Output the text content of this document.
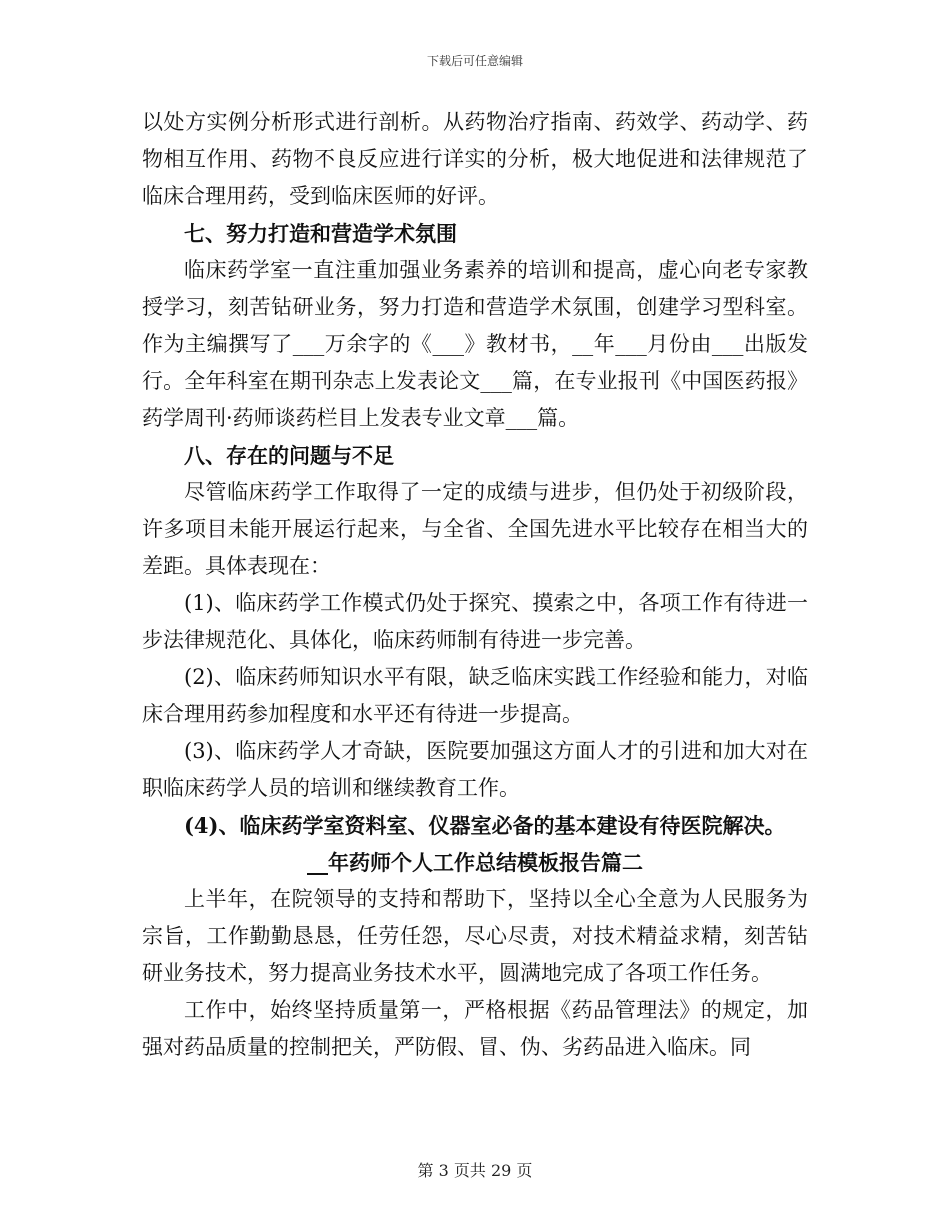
下载后可任意编辑

以处方实例分析形式进行剖析。从药物治疗指南、药效学、药动学、药物相互作用、药物不良反应进行详实的分析，极大地促进和法律规范了临床合理用药，受到临床医师的好评。

七、努力打造和营造学术氛围

临床药学室一直注重加强业务素养的培训和提高，虚心向老专家教授学习，刻苦钻研业务，努力打造和营造学术氛围，创建学习型科室。作为主编撰写了___万余字的《___》教材书，__年___月份由___出版发行。全年科室在期刊杂志上发表论文___篇，在专业报刊《中国医药报》药学周刊·药师谈药栏目上发表专业文章___篇。

八、存在的问题与不足

尽管临床药学工作取得了一定的成绩与进步，但仍处于初级阶段，许多项目未能开展运行起来，与全省、全国先进水平比较存在相当大的差距。具体表现在：

(1)、临床药学工作模式仍处于探究、摸索之中，各项工作有待进一步法律规范化、具体化，临床药师制有待进一步完善。

(2)、临床药师知识水平有限，缺乏临床实践工作经验和能力，对临床合理用药参加程度和水平还有待进一步提高。

(3)、临床药学人才奇缺，医院要加强这方面人才的引进和加大对在职临床药学人员的培训和继续教育工作。

(4)、临床药学室资料室、仪器室必备的基本建设有待医院解决。

__年药师个人工作总结模板报告篇二

上半年，在院领导的支持和帮助下，坚持以全心全意为人民服务为宗旨，工作勤勤恳恳，任劳任怨，尽心尽责，对技术精益求精，刻苦钻研业务技术，努力提高业务技术水平，圆满地完成了各项工作任务。

工作中，始终坚持质量第一，严格根据《药品管理法》的规定，加强对药品质量的控制把关，严防假、冒、伪、劣药品进入临床。同

第 3 页共 29 页
